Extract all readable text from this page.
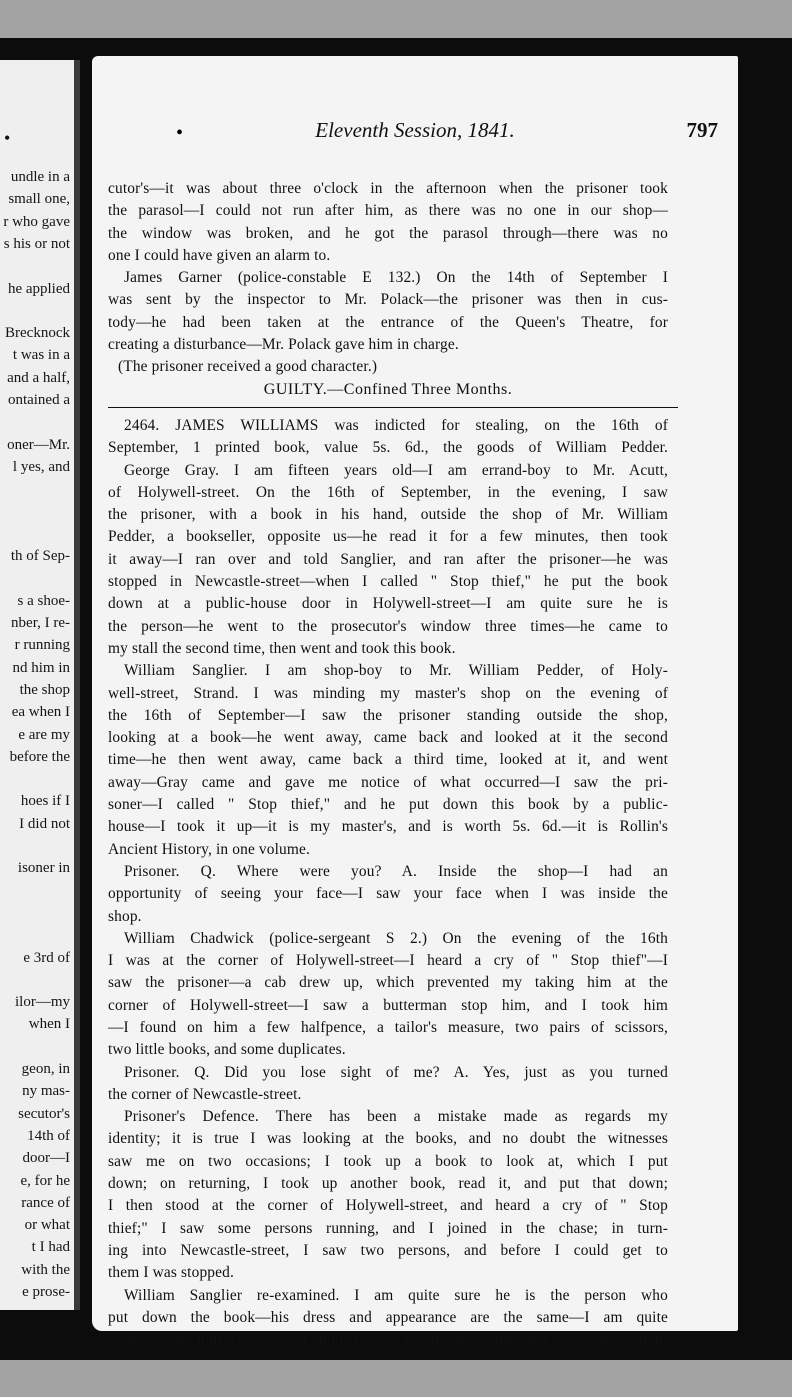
•
undle in a
small one,
r who gave
s his or not
he applied
Brecknock
t was in a
and a half,
ontained a
oner—Mr.
l yes, and
th of Sep-
s a shoe-
nber, I re-
r running
nd him in
the shop
ea when I
e are my
before the
hoes if I
I did not
isoner in
e 3rd of
ilor—my
when I
geon, in
ny mas-
secutor's
14th of
door—I
e, for he
rance of
or what
t I had
with the
e prose-
•	Eleventh Session, 1841.	797
cutor's—it was about three o'clock in the afternoon when the prisoner took
the parasol—I could not run after him, as there was no one in our shop—
the window was broken, and he got the parasol through—there was no
one I could have given an alarm to.
James Garner (police-constable E 132.) On the 14th of September I
was sent by the inspector to Mr. Polack—the prisoner was then in cus-
tody—he had been taken at the entrance of the Queen's Theatre, for
creating a disturbance—Mr. Polack gave him in charge.
(The prisoner received a good character.)
GUILTY.—Confined Three Months.
2464. JAMES WILLIAMS was indicted for stealing, on the 16th of
September, 1 printed book, value 5s. 6d., the goods of William Pedder.
George Gray. I am fifteen years old—I am errand-boy to Mr. Acutt,
of Holywell-street. On the 16th of September, in the evening, I saw
the prisoner, with a book in his hand, outside the shop of Mr. William
Pedder, a bookseller, opposite us—he read it for a few minutes, then took
it away—I ran over and told Sanglier, and ran after the prisoner—he was
stopped in Newcastle-street—when I called " Stop thief," he put the book
down at a public-house door in Holywell-street—I am quite sure he is
the person—he went to the prosecutor's window three times—he came to
my stall the second time, then went and took this book.
William Sanglier. I am shop-boy to Mr. William Pedder, of Holy-
well-street, Strand. I was minding my master's shop on the evening of
the 16th of September—I saw the prisoner standing outside the shop,
looking at a book—he went away, came back and looked at it the second
time—he then went away, came back a third time, looked at it, and went
away—Gray came and gave me notice of what occurred—I saw the pri-
soner—I called " Stop thief," and he put down this book by a public-
house—I took it up—it is my master's, and is worth 5s. 6d.—it is Rollin's
Ancient History, in one volume.
Prisoner. Q. Where were you? A. Inside the shop—I had an
opportunity of seeing your face—I saw your face when I was inside the
shop.
William Chadwick (police-sergeant S 2.) On the evening of the 16th
I was at the corner of Holywell-street—I heard a cry of " Stop thief"—I
saw the prisoner—a cab drew up, which prevented my taking him at the
corner of Holywell-street—I saw a butterman stop him, and I took him
—I found on him a few halfpence, a tailor's measure, two pairs of scissors,
two little books, and some duplicates.
Prisoner. Q. Did you lose sight of me? A. Yes, just as you turned
the corner of Newcastle-street.
Prisoner's Defence. There has been a mistake made as regards my
identity; it is true I was looking at the books, and no doubt the witnesses
saw me on two occasions; I took up a book to look at, which I put
down; on returning, I took up another book, read it, and put that down;
I then stood at the corner of Holywell-street, and heard a cry of " Stop
thief;" I saw some persons running, and I joined in the chase; in turn-
ing into Newcastle-street, I saw two persons, and before I could get to
them I was stopped.
William Sanglier re-examined. I am quite sure he is the person who
put down the book—his dress and appearance are the same—I am quite
clear about him—I watched him till a gentleman came and took my atten-
